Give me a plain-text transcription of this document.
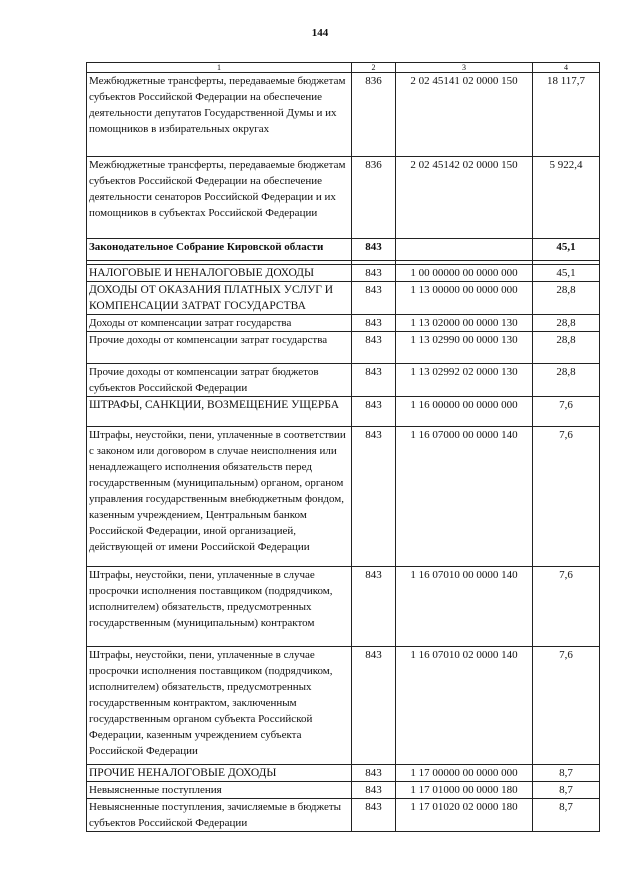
144
1	2	3	4
Межбюджетные трансферты, передаваемые бюджетам субъектов Российской Федерации на обеспечение деятельности депутатов Государственной Думы и их помощников в избирательных округах	836	2 02 45141 02 0000 150	18 117,7
Межбюджетные трансферты, передаваемые бюджетам субъектов Российской Федерации на обеспечение деятельности сенаторов Российской Федерации и их помощников в субъектах Российской Федерации	836	2 02 45142 02 0000 150	5 922,4
Законодательное Собрание Кировской области	843		45,1

НАЛОГОВЫЕ И НЕНАЛОГОВЫЕ ДОХОДЫ	843	1 00 00000 00 0000 000	45,1
ДОХОДЫ ОТ ОКАЗАНИЯ ПЛАТНЫХ УСЛУГ И КОМПЕНСАЦИИ ЗАТРАТ ГОСУДАРСТВА	843	1 13 00000 00 0000 000	28,8
Доходы от компенсации затрат государства	843	1 13 02000 00 0000 130	28,8
Прочие доходы от компенсации затрат государства	843	1 13 02990 00 0000 130	28,8
Прочие доходы от компенсации затрат бюджетов субъектов Российской Федерации	843	1 13 02992 02 0000 130	28,8
ШТРАФЫ, САНКЦИИ, ВОЗМЕЩЕНИЕ УЩЕРБА	843	1 16 00000 00 0000 000	7,6
Штрафы, неустойки, пени, уплаченные в соответствии с законом или договором в случае неисполнения или ненадлежащего исполнения обязательств перед государственным (муниципальным) органом, органом управления государственным внебюджетным фондом, казенным учреждением, Центральным банком Российской Федерации, иной организацией, действующей от имени Российской Федерации	843	1 16 07000 00 0000 140	7,6
Штрафы, неустойки, пени, уплаченные в случае просрочки исполнения поставщиком (подрядчиком, исполнителем) обязательств, предусмотренных государственным (муниципальным) контрактом	843	1 16 07010 00 0000 140	7,6
Штрафы, неустойки, пени, уплаченные в случае просрочки исполнения поставщиком (подрядчиком, исполнителем) обязательств, предусмотренных государственным контрактом, заключенным государственным органом субъекта Российской Федерации, казенным учреждением субъекта Российской Федерации	843	1 16 07010 02 0000 140	7,6
ПРОЧИЕ НЕНАЛОГОВЫЕ ДОХОДЫ	843	1 17 00000 00 0000 000	8,7
Невыясненные поступления	843	1 17 01000 00 0000 180	8,7
Невыясненные поступления, зачисляемые в бюджеты субъектов Российской Федерации	843	1 17 01020 02 0000 180	8,7
